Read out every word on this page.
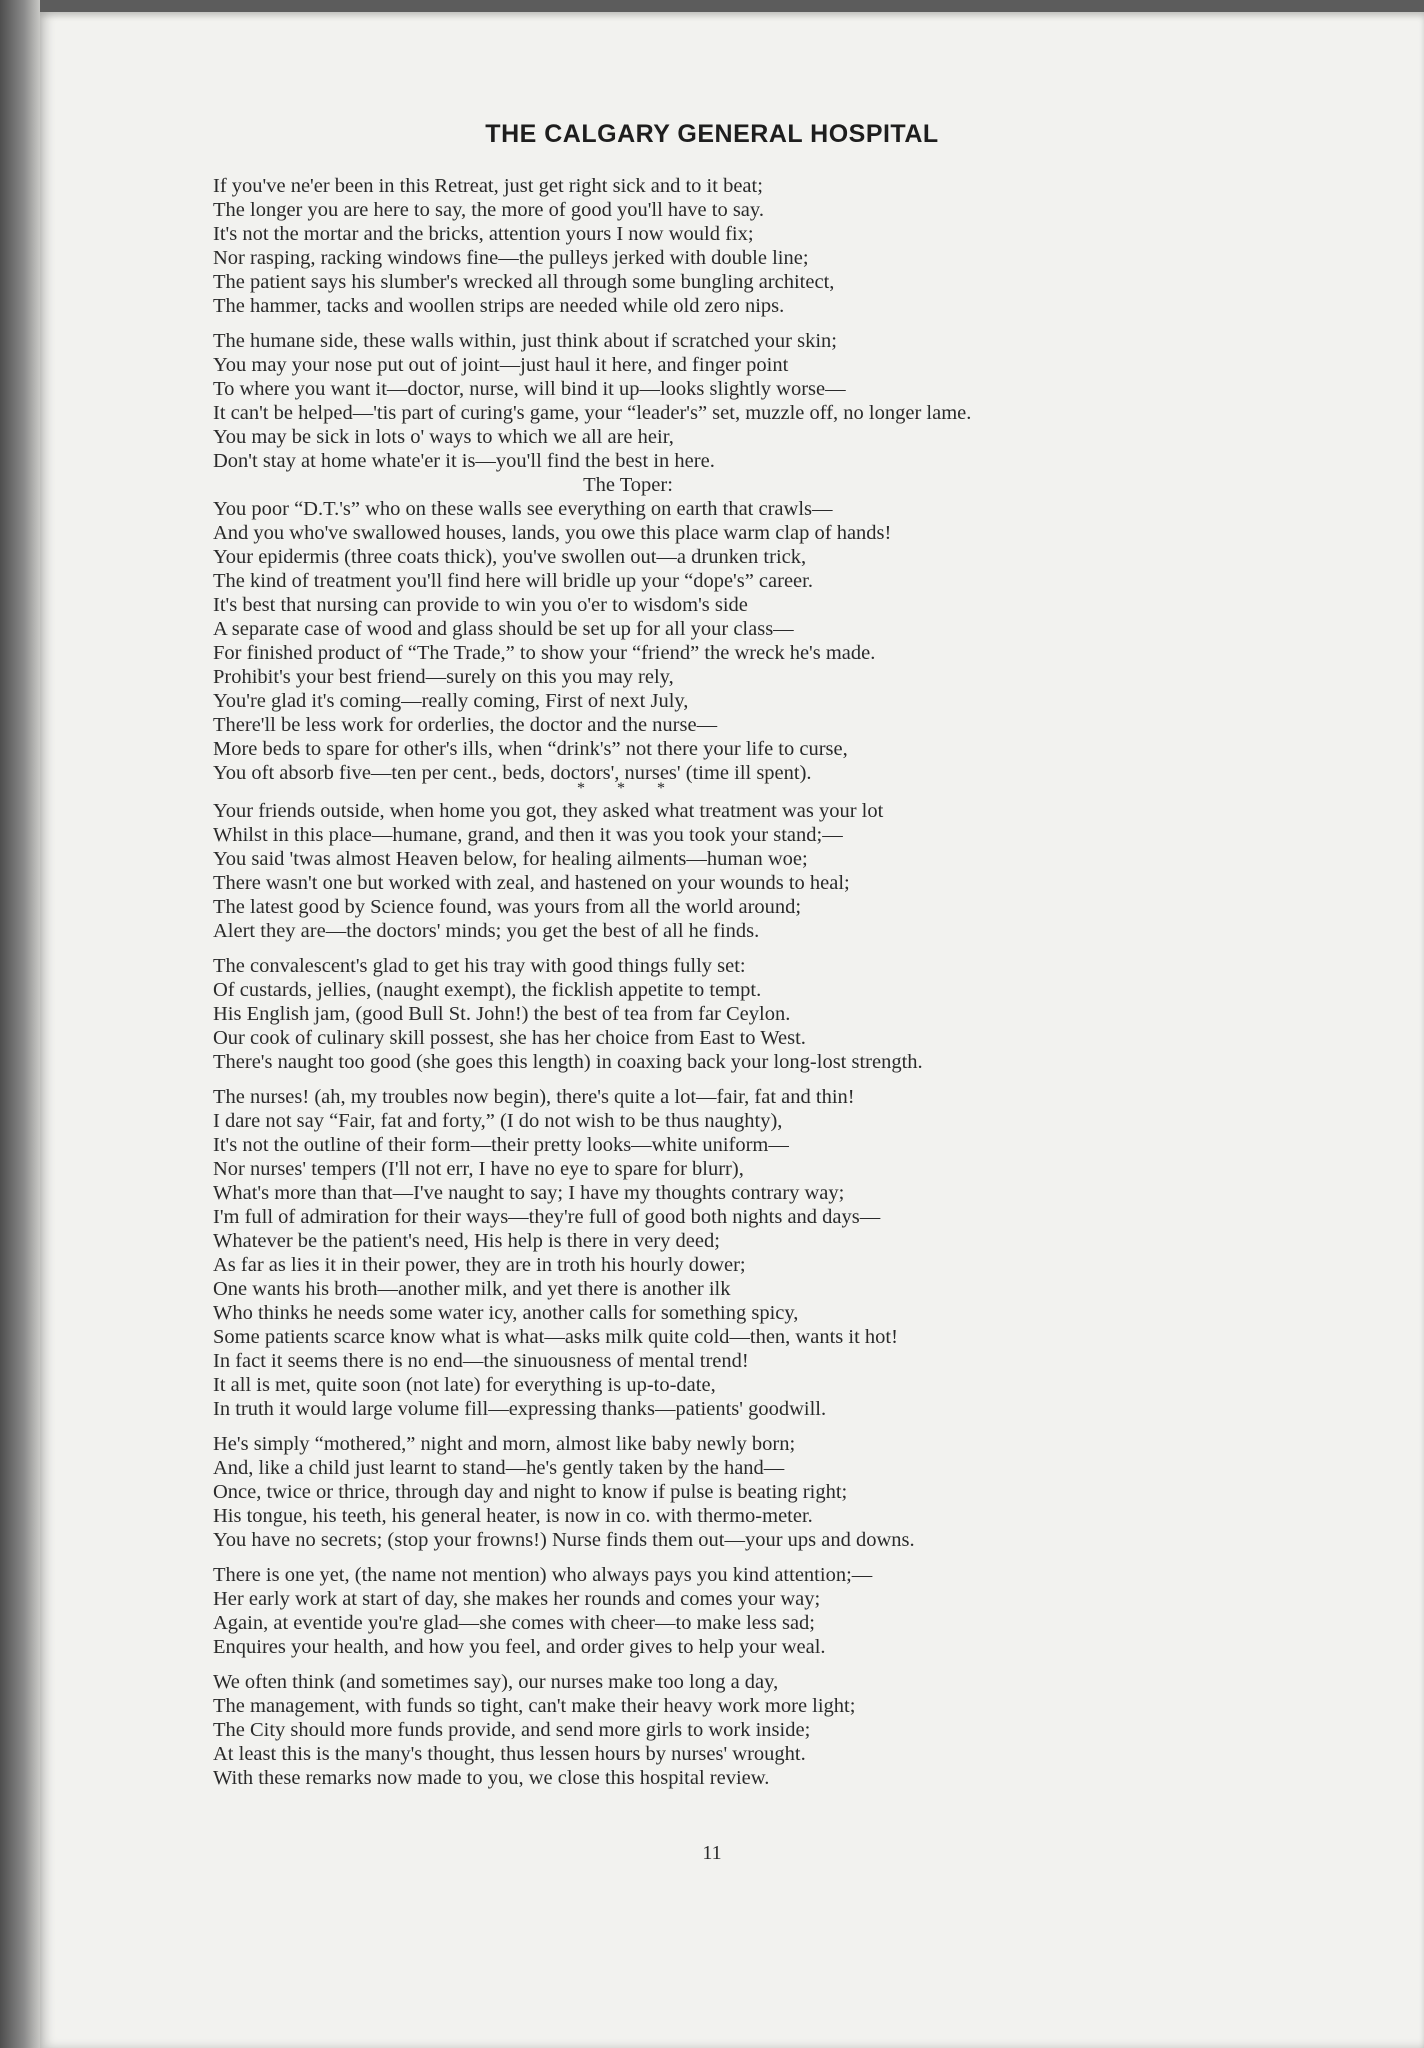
THE CALGARY GENERAL HOSPITAL
If you've ne'er been in this Retreat, just get right sick and to it beat;
The longer you are here to say, the more of good you'll have to say.
It's not the mortar and the bricks, attention yours I now would fix;
Nor rasping, racking windows fine—the pulleys jerked with double line;
The patient says his slumber's wrecked all through some bungling architect,
The hammer, tacks and woollen strips are needed while old zero nips.
The humane side, these walls within, just think about if scratched your skin;
You may your nose put out of joint—just haul it here, and finger point
To where you want it—doctor, nurse, will bind it up—looks slightly worse—
It can't be helped—'tis part of curing's game, your “leader's” set, muzzle off, no longer lame.
You may be sick in lots o' ways to which we all are heir,
Don't stay at home whate'er it is—you'll find the best in here.
The Toper:
You poor “D.T.'s” who on these walls see everything on earth that crawls—
And you who've swallowed houses, lands, you owe this place warm clap of hands!
Your epidermis (three coats thick), you've swollen out—a drunken trick,
The kind of treatment you'll find here will bridle up your “dope's” career.
It's best that nursing can provide to win you o'er to wisdom's side
A separate case of wood and glass should be set up for all your class—
For finished product of “The Trade,” to show your “friend” the wreck he's made.
Prohibit's your best friend—surely on this you may rely,
You're glad it's coming—really coming, First of next July,
There'll be less work for orderlies, the doctor and the nurse—
More beds to spare for other's ills, when “drink's” not there your life to curse,
You oft absorb five—ten per cent., beds, doctors', nurses' (time ill spent).
* * *
Your friends outside, when home you got, they asked what treatment was your lot
Whilst in this place—humane, grand, and then it was you took your stand;—
You said 'twas almost Heaven below, for healing ailments—human woe;
There wasn't one but worked with zeal, and hastened on your wounds to heal;
The latest good by Science found, was yours from all the world around;
Alert they are—the doctors' minds; you get the best of all he finds.
The convalescent's glad to get his tray with good things fully set:
Of custards, jellies, (naught exempt), the ficklish appetite to tempt.
His English jam, (good Bull St. John!) the best of tea from far Ceylon.
Our cook of culinary skill possest, she has her choice from East to West.
There's naught too good (she goes this length) in coaxing back your long-lost strength.
The nurses! (ah, my troubles now begin), there's quite a lot—fair, fat and thin!
I dare not say “Fair, fat and forty,” (I do not wish to be thus naughty),
It's not the outline of their form—their pretty looks—white uniform—
Nor nurses' tempers (I'll not err, I have no eye to spare for blurr),
What's more than that—I've naught to say; I have my thoughts contrary way;
I'm full of admiration for their ways—they're full of good both nights and days—
Whatever be the patient's need, His help is there in very deed;
As far as lies it in their power, they are in troth his hourly dower;
One wants his broth—another milk, and yet there is another ilk
Who thinks he needs some water icy, another calls for something spicy,
Some patients scarce know what is what—asks milk quite cold—then, wants it hot!
In fact it seems there is no end—the sinuousness of mental trend!
It all is met, quite soon (not late) for everything is up-to-date,
In truth it would large volume fill—expressing thanks—patients' goodwill.
He's simply “mothered,” night and morn, almost like baby newly born;
And, like a child just learnt to stand—he's gently taken by the hand—
Once, twice or thrice, through day and night to know if pulse is beating right;
His tongue, his teeth, his general heater, is now in co. with thermo-meter.
You have no secrets; (stop your frowns!) Nurse finds them out—your ups and downs.
There is one yet, (the name not mention) who always pays you kind attention;—
Her early work at start of day, she makes her rounds and comes your way;
Again, at eventide you're glad—she comes with cheer—to make less sad;
Enquires your health, and how you feel, and order gives to help your weal.
We often think (and sometimes say), our nurses make too long a day,
The management, with funds so tight, can't make their heavy work more light;
The City should more funds provide, and send more girls to work inside;
At least this is the many's thought, thus lessen hours by nurses' wrought.
With these remarks now made to you, we close this hospital review.
11
